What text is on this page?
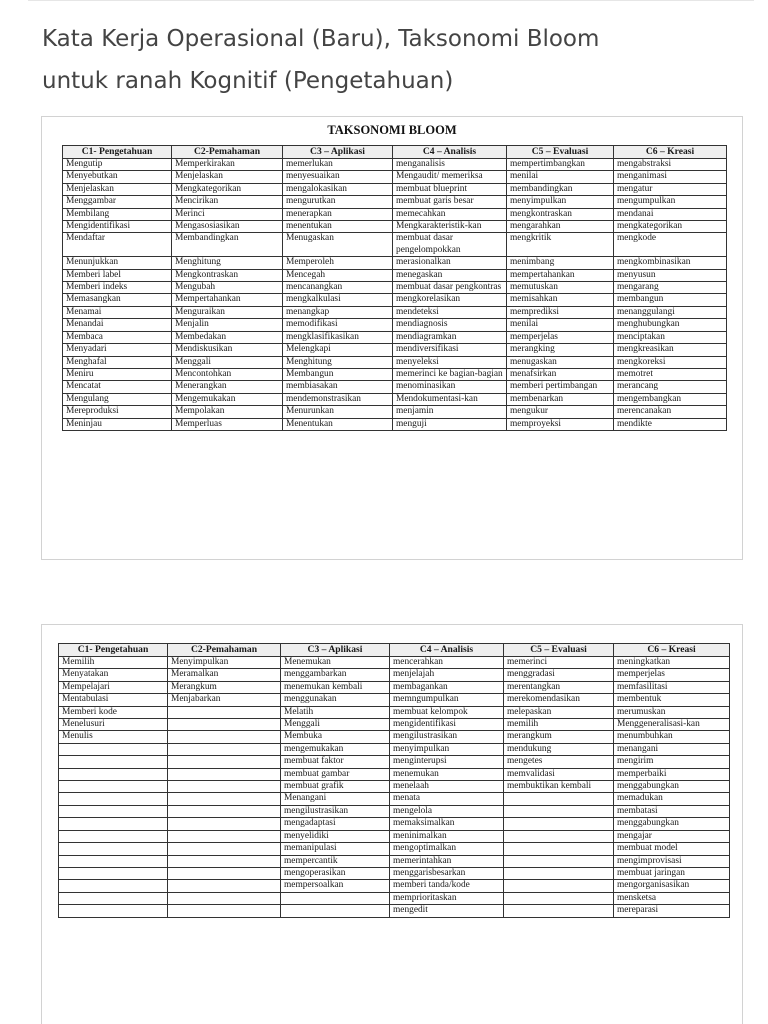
Kata Kerja Operasional (Baru), Taksonomi Bloom
untuk ranah Kognitif (Pengetahuan)
TAKSONOMI BLOOM
C1- Pengetahuan	C2-Pemahaman	C3 – Aplikasi	C4 – Analisis	C5 – Evaluasi	C6 – Kreasi
Mengutip	Memperkirakan	memerlukan	menganalisis	mempertimbangkan	mengabstraksi
Menyebutkan	Menjelaskan	menyesuaikan	Mengaudit/ memeriksa	menilai	menganimasi
Menjelaskan	Mengkategorikan	mengalokasikan	membuat blueprint	membandingkan	mengatur
Menggambar	Mencirikan	mengurutkan	membuat garis besar	menyimpulkan	mengumpulkan
Membilang	Merinci	menerapkan	memecahkan	mengkontraskan	mendanai
Mengidentifikasi	Mengasosiasikan	menentukan	Mengkarakteristik-kan	mengarahkan	mengkategorikan
Mendaftar	Membandingkan	Menugaskan	membuat dasar pengelompokkan	mengkritik	mengkode
Menunjukkan	Menghitung	Memperoleh	merasionalkan	menimbang	mengkombinasikan
Memberi label	Mengkontraskan	Mencegah	menegaskan	mempertahankan	menyusun
Memberi indeks	Mengubah	mencanangkan	membuat dasar pengkontras	memutuskan	mengarang
Memasangkan	Mempertahankan	mengkalkulasi	mengkorelasikan	memisahkan	membangun
Menamai	Menguraikan	menangkap	mendeteksi	memprediksi	menanggulangi
Menandai	Menjalin	memodifikasi	mendiagnosis	menilai	menghubungkan
Membaca	Membedakan	mengklasifikasikan	mendiagramkan	memperjelas	menciptakan
Menyadari	Mendiskusikan	Melengkapi	mendiversifikasi	merangking	mengkreasikan
Menghafal	Menggali	Menghitung	menyeleksi	menugaskan	mengkoreksi
Meniru	Mencontohkan	Membangun	memerinci ke bagian-bagian	menafsirkan	memotret
Mencatat	Menerangkan	membiasakan	menominasikan	memberi pertimbangan	merancang
Mengulang	Mengemukakan	mendemonstrasikan	Mendokumentasi-kan	membenarkan	mengembangkan
Mereproduksi	Mempolakan	Menurunkan	menjamin	mengukur	merencanakan
Meninjau	Memperluas	Menentukan	menguji	memproyeksi	mendikte
C1- Pengetahuan	C2-Pemahaman	C3 – Aplikasi	C4 – Analisis	C5 – Evaluasi	C6 – Kreasi
Memilih	Menyimpulkan	Menemukan	mencerahkan	memerinci	meningkatkan
Menyatakan	Meramalkan	menggambarkan	menjelajah	menggradasi	memperjelas
Mempelajari	Merangkum	menemukan kembali	membagankan	merentangkan	memfasilitasi
Mentabulasi	Menjabarkan	menggunakan	memngumpulkan	merekomendasikan	membentuk
Memberi kode		Melatih	membuat kelompok	melepaskan	merumuskan
Menelusuri		Menggali	mengidentifikasi	memilih	Menggeneralisasi-kan
Menulis		Membuka	mengilustrasikan	merangkum	menumbuhkan
		mengemukakan	menyimpulkan	mendukung	menangani
		membuat faktor	menginterupsi	mengetes	mengirim
		membuat gambar	menemukan	memvalidasi	memperbaiki
		membuat grafik	menelaah	membuktikan kembali	menggabungkan
		Menangani	menata		memadukan
		mengilustrasikan	mengelola		membatasi
		mengadaptasi	memaksimalkan		menggabungkan
		menyelidiki	meninimalkan		mengajar
		memanipulasi	mengoptimalkan		membuat model
		mempercantik	memerintahkan		mengimprovisasi
		mengoperasikan	menggarisbesarkan		membuat jaringan
		mempersoalkan	memberi tanda/kode		mengorganisasikan
			memprioritaskan		mensketsa
			mengedit		mereparasi
